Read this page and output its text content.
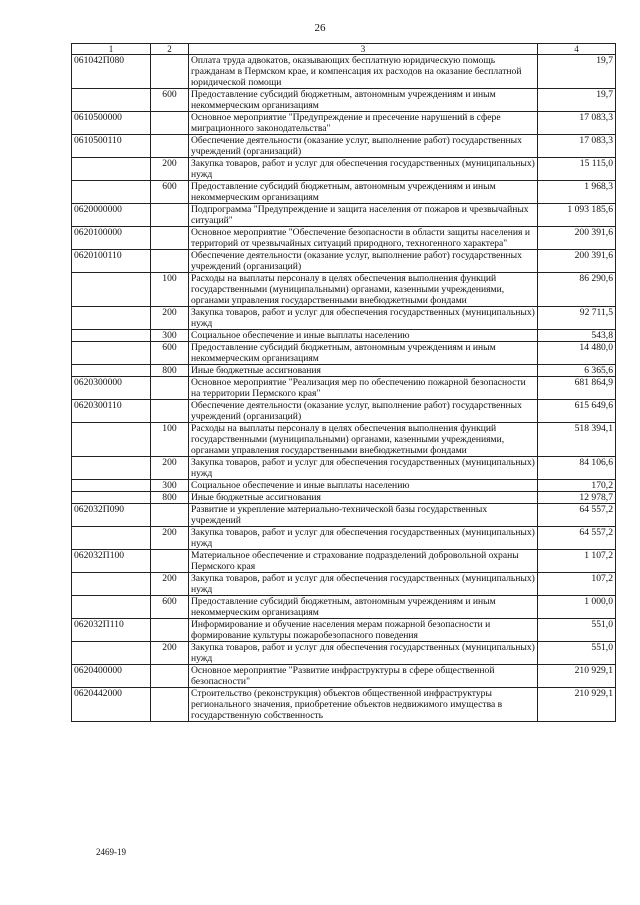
26
1	2	3	4
061042П080		Оплата труда адвокатов, оказывающих бесплатную юридическую помощь гражданам в Пермском крае, и компенсация их расходов на оказание бесплатной юридической помощи	19,7
	600	Предоставление субсидий бюджетным, автономным учреждениям и иным некоммерческим организациям	19,7
0610500000		Основное мероприятие "Предупреждение и пресечение нарушений в сфере миграционного законодательства"	17 083,3
0610500110		Обеспечение деятельности (оказание услуг, выполнение работ) государственных учреждений (организаций)	17 083,3
	200	Закупка товаров, работ и услуг для обеспечения государственных (муниципальных) нужд	15 115,0
	600	Предоставление субсидий бюджетным, автономным учреждениям и иным некоммерческим организациям	1 968,3
0620000000		Подпрограмма "Предупреждение и защита населения от пожаров и чрезвычайных ситуаций"	1 093 185,6
0620100000		Основное мероприятие "Обеспечение безопасности в области защиты населения и территорий от чрезвычайных ситуаций природного, техногенного характера"	200 391,6
0620100110		Обеспечение деятельности (оказание услуг, выполнение работ) государственных учреждений (организаций)	200 391,6
	100	Расходы на выплаты персоналу в целях обеспечения выполнения функций государственными (муниципальными) органами, казенными учреждениями, органами управления государственными внебюджетными фондами	86 290,6
	200	Закупка товаров, работ и услуг для обеспечения государственных (муниципальных) нужд	92 711,5
	300	Социальное обеспечение и иные выплаты населению	543,8
	600	Предоставление субсидий бюджетным, автономным учреждениям и иным некоммерческим организациям	14 480,0
	800	Иные бюджетные ассигнования	6 365,6
0620300000		Основное мероприятие "Реализация мер по обеспечению пожарной безопасности на территории Пермского края"	681 864,9
0620300110		Обеспечение деятельности (оказание услуг, выполнение работ) государственных учреждений (организаций)	615 649,6
	100	Расходы на выплаты персоналу в целях обеспечения выполнения функций государственными (муниципальными) органами, казенными учреждениями, органами управления государственными внебюджетными фондами	518 394,1
	200	Закупка товаров, работ и услуг для обеспечения государственных (муниципальных) нужд	84 106,6
	300	Социальное обеспечение и иные выплаты населению	170,2
	800	Иные бюджетные ассигнования	12 978,7
062032П090		Развитие и укрепление материально-технической базы государственных учреждений	64 557,2
	200	Закупка товаров, работ и услуг для обеспечения государственных (муниципальных) нужд	64 557,2
062032П100		Материальное обеспечение и страхование подразделений добровольной охраны Пермского края	1 107,2
	200	Закупка товаров, работ и услуг для обеспечения государственных (муниципальных) нужд	107,2
	600	Предоставление субсидий бюджетным, автономным учреждениям и иным некоммерческим организациям	1 000,0
062032П110		Информирование и обучение населения мерам пожарной безопасности и формирование культуры пожаробезопасного поведения	551,0
	200	Закупка товаров, работ и услуг для обеспечения государственных (муниципальных) нужд	551,0
0620400000		Основное мероприятие "Развитие инфраструктуры в сфере общественной безопасности"	210 929,1
0620442000		Строительство (реконструкция) объектов общественной инфраструктуры регионального значения, приобретение объектов недвижимого имущества в государственную собственность	210 929,1
2469-19
